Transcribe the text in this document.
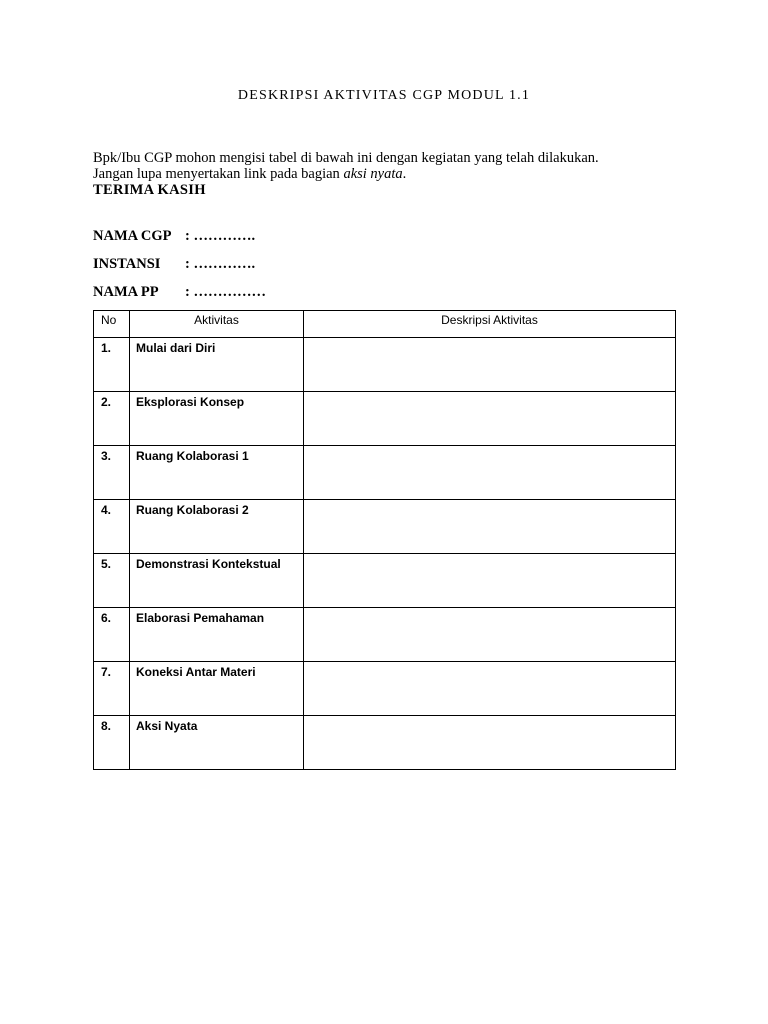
DESKRIPSI AKTIVITAS CGP MODUL 1.1
Bpk/Ibu CGP mohon mengisi tabel di bawah ini dengan kegiatan yang telah dilakukan.
Jangan lupa menyertakan link pada bagian aksi nyata.
TERIMA KASIH
NAMA CGP : ………….
INSTANSI : ………….
NAMA PP : ……………
No	Aktivitas	Deskripsi Aktivitas
1.	Mulai dari Diri	
2.	Eksplorasi Konsep	
3.	Ruang Kolaborasi 1	
4.	Ruang Kolaborasi 2	
5.	Demonstrasi Kontekstual	
6.	Elaborasi Pemahaman	
7.	Koneksi Antar Materi	
8.	Aksi Nyata	
